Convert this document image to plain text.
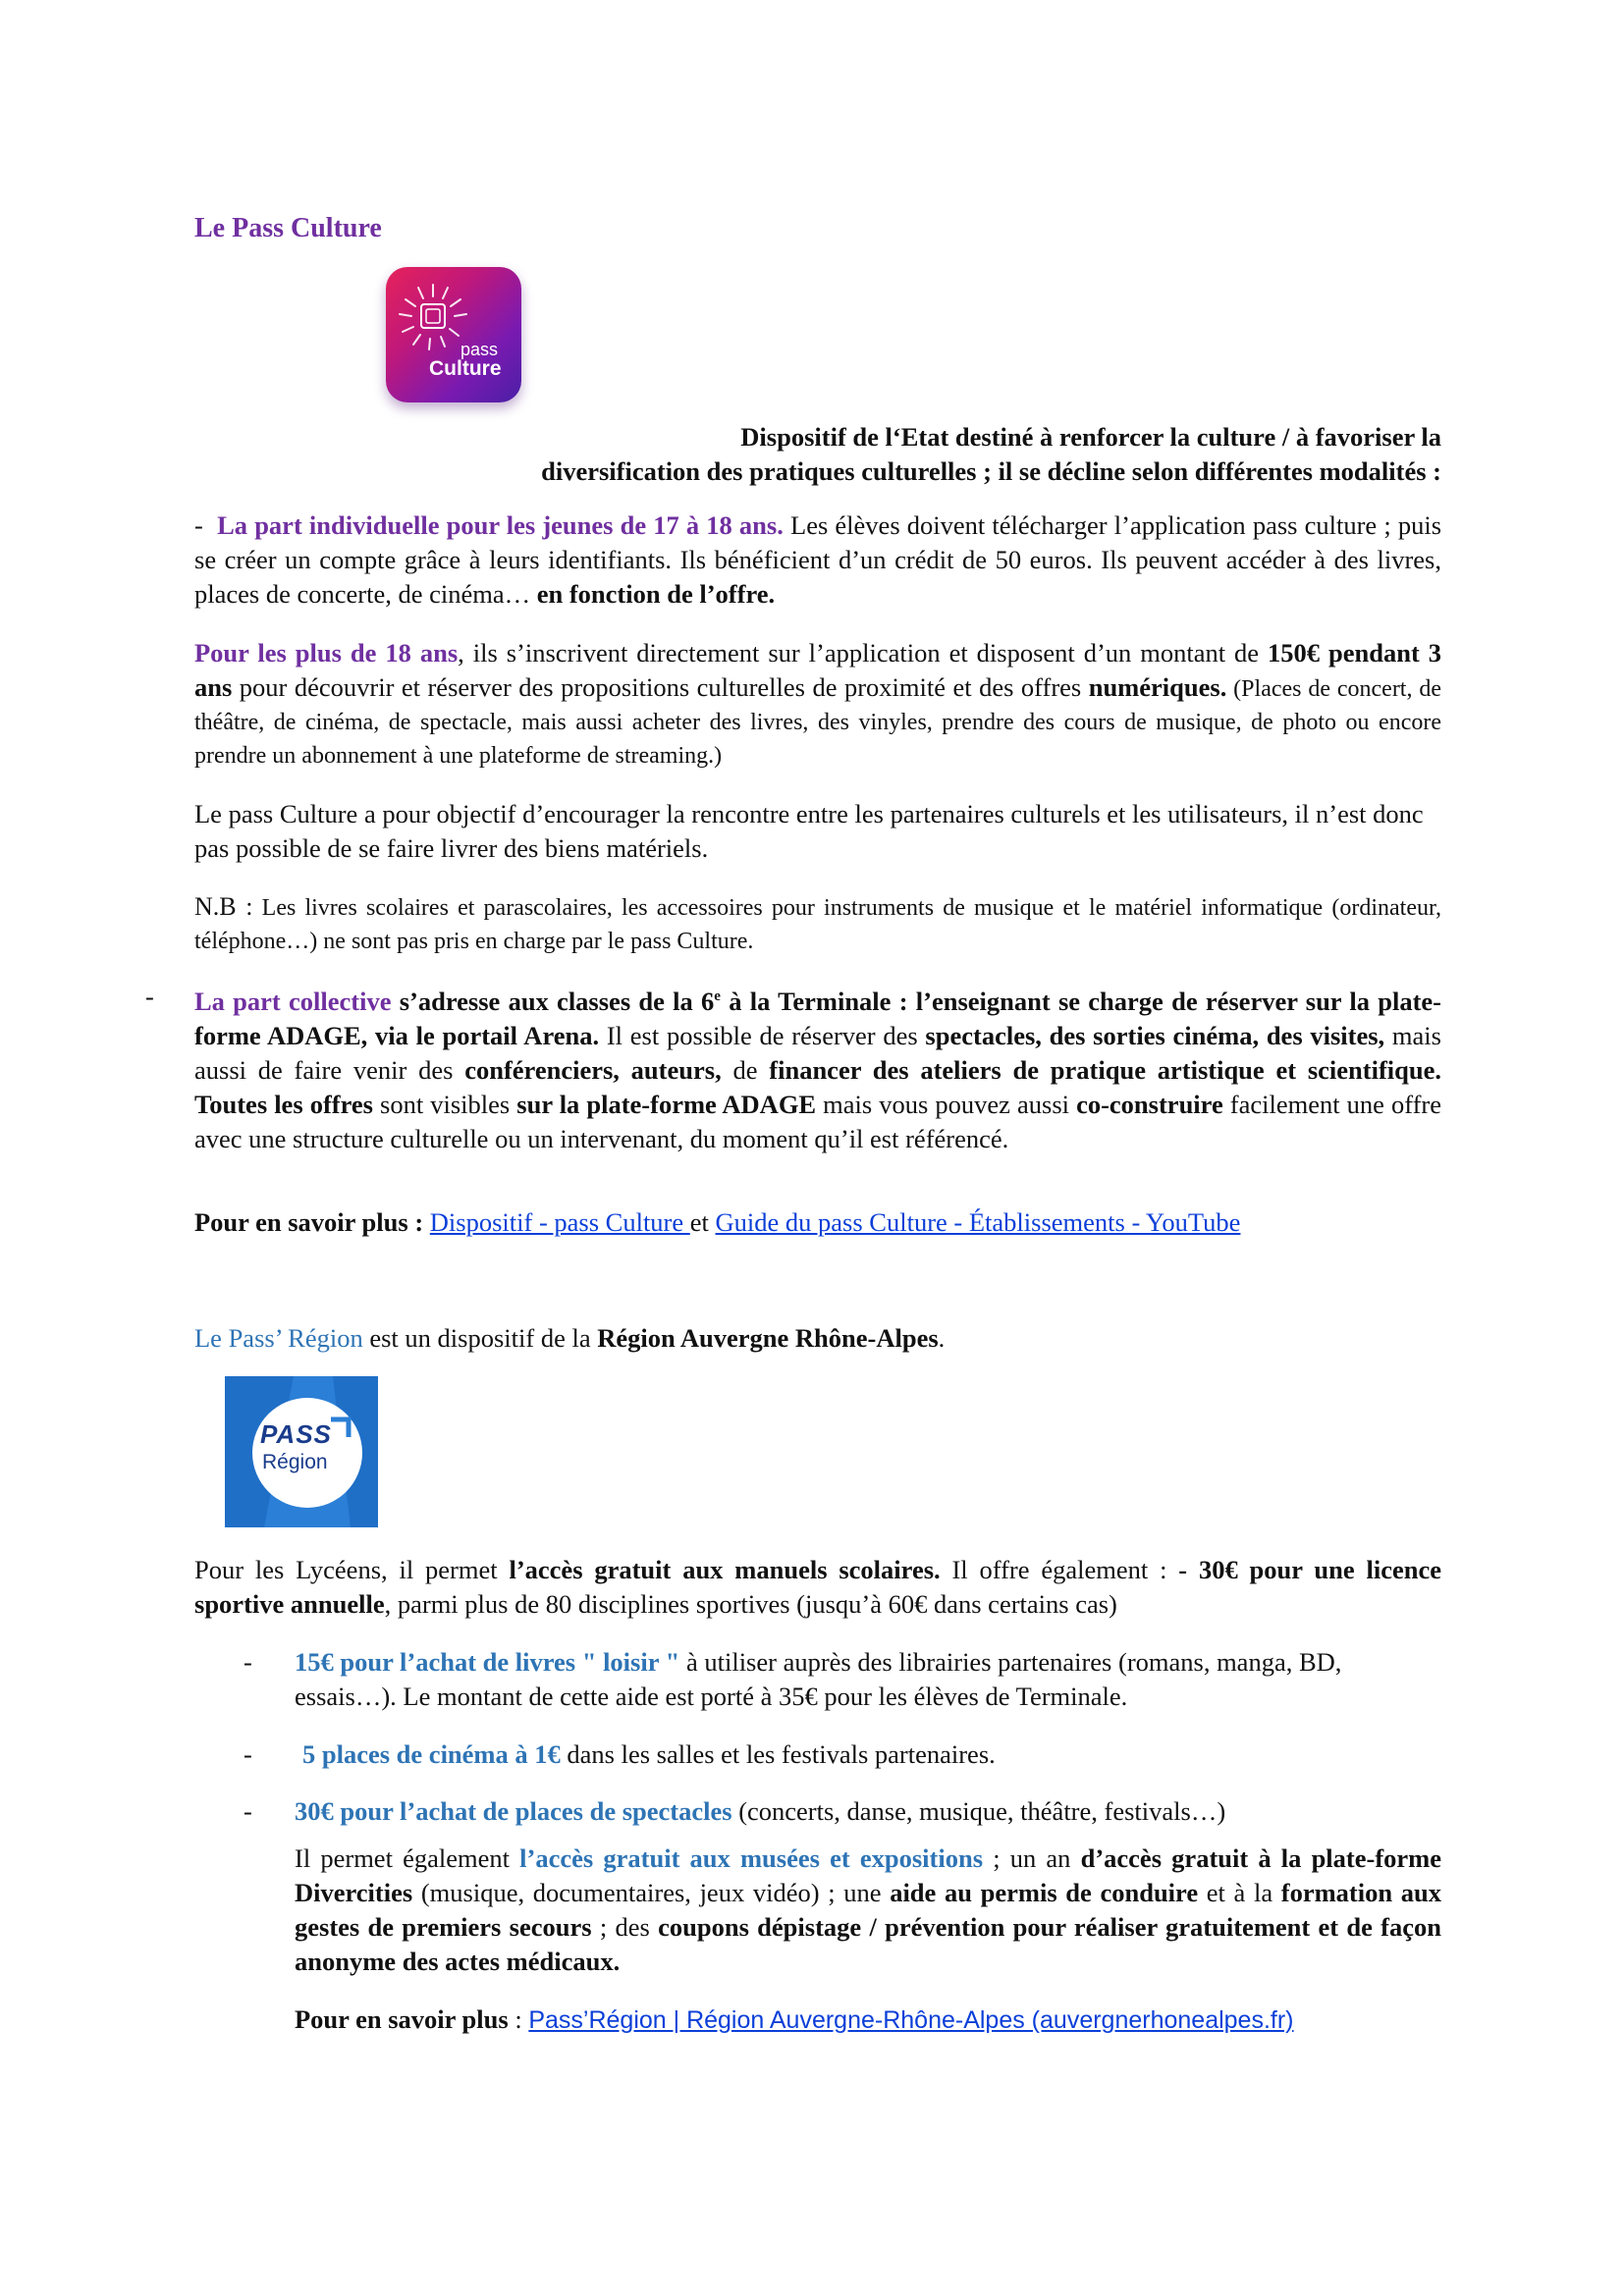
Le Pass Culture
pass
Culture
Dispositif de l‘Etat destiné à renforcer la culture / à favoriser la
diversification des pratiques culturelles ; il se décline selon différentes modalités :

- La part individuelle pour les jeunes de 17 à 18 ans. Les élèves doivent télécharger l’application pass culture ; puis se créer un compte grâce à leurs identifiants. Ils bénéficient d’un crédit de 50 euros. Ils peuvent accéder à des livres, places de concerte, de cinéma… en fonction de l’offre.

Pour les plus de 18 ans, ils s’inscrivent directement sur l’application et disposent d’un montant de 150€ pendant 3 ans pour découvrir et réserver des propositions culturelles de proximité et des offres numériques. (Places de concert, de théâtre, de cinéma, de spectacle, mais aussi acheter des livres, des vinyles, prendre des cours de musique, de photo ou encore prendre un abonnement à une plateforme de streaming.)

Le pass Culture a pour objectif d’encourager la rencontre entre les partenaires culturels et les utilisateurs, il n’est donc pas possible de se faire livrer des biens matériels.

N.B : Les livres scolaires et parascolaires, les accessoires pour instruments de musique et le matériel informatique (ordinateur, téléphone…) ne sont pas pris en charge par le pass Culture.

- La part collective s’adresse aux classes de la 6e à la Terminale : l’enseignant se charge de réserver sur la plate-forme ADAGE, via le portail Arena. Il est possible de réserver des spectacles, des sorties cinéma, des visites, mais aussi de faire venir des conférenciers, auteurs, de financer des ateliers de pratique artistique et scientifique. Toutes les offres sont visibles sur la plate-forme ADAGE mais vous pouvez aussi co-construire facilement une offre avec une structure culturelle ou un intervenant, du moment qu’il est référencé.

Pour en savoir plus : Dispositif - pass Culture et Guide du pass Culture - Établissements - YouTube

Le Pass’ Région est un dispositif de la Région Auvergne Rhône-Alpes.

PASS
Région

Pour les Lycéens, il permet l’accès gratuit aux manuels scolaires. Il offre également : - 30€ pour une licence sportive annuelle, parmi plus de 80 disciplines sportives (jusqu’à 60€ dans certains cas)

- 15€ pour l’achat de livres " loisir " à utiliser auprès des librairies partenaires (romans, manga, BD, essais…). Le montant de cette aide est porté à 35€ pour les élèves de Terminale.

- 5 places de cinéma à 1€ dans les salles et les festivals partenaires.

- 30€ pour l’achat de places de spectacles (concerts, danse, musique, théâtre, festivals…)

Il permet également l’accès gratuit aux musées et expositions ; un an d’accès gratuit à la plate-forme Divercities (musique, documentaires, jeux vidéo) ; une aide au permis de conduire et à la formation aux gestes de premiers secours ; des coupons dépistage / prévention pour réaliser gratuitement et de façon anonyme des actes médicaux.

Pour en savoir plus : Pass’Région | Région Auvergne-Rhône-Alpes (auvergnerhonealpes.fr)
